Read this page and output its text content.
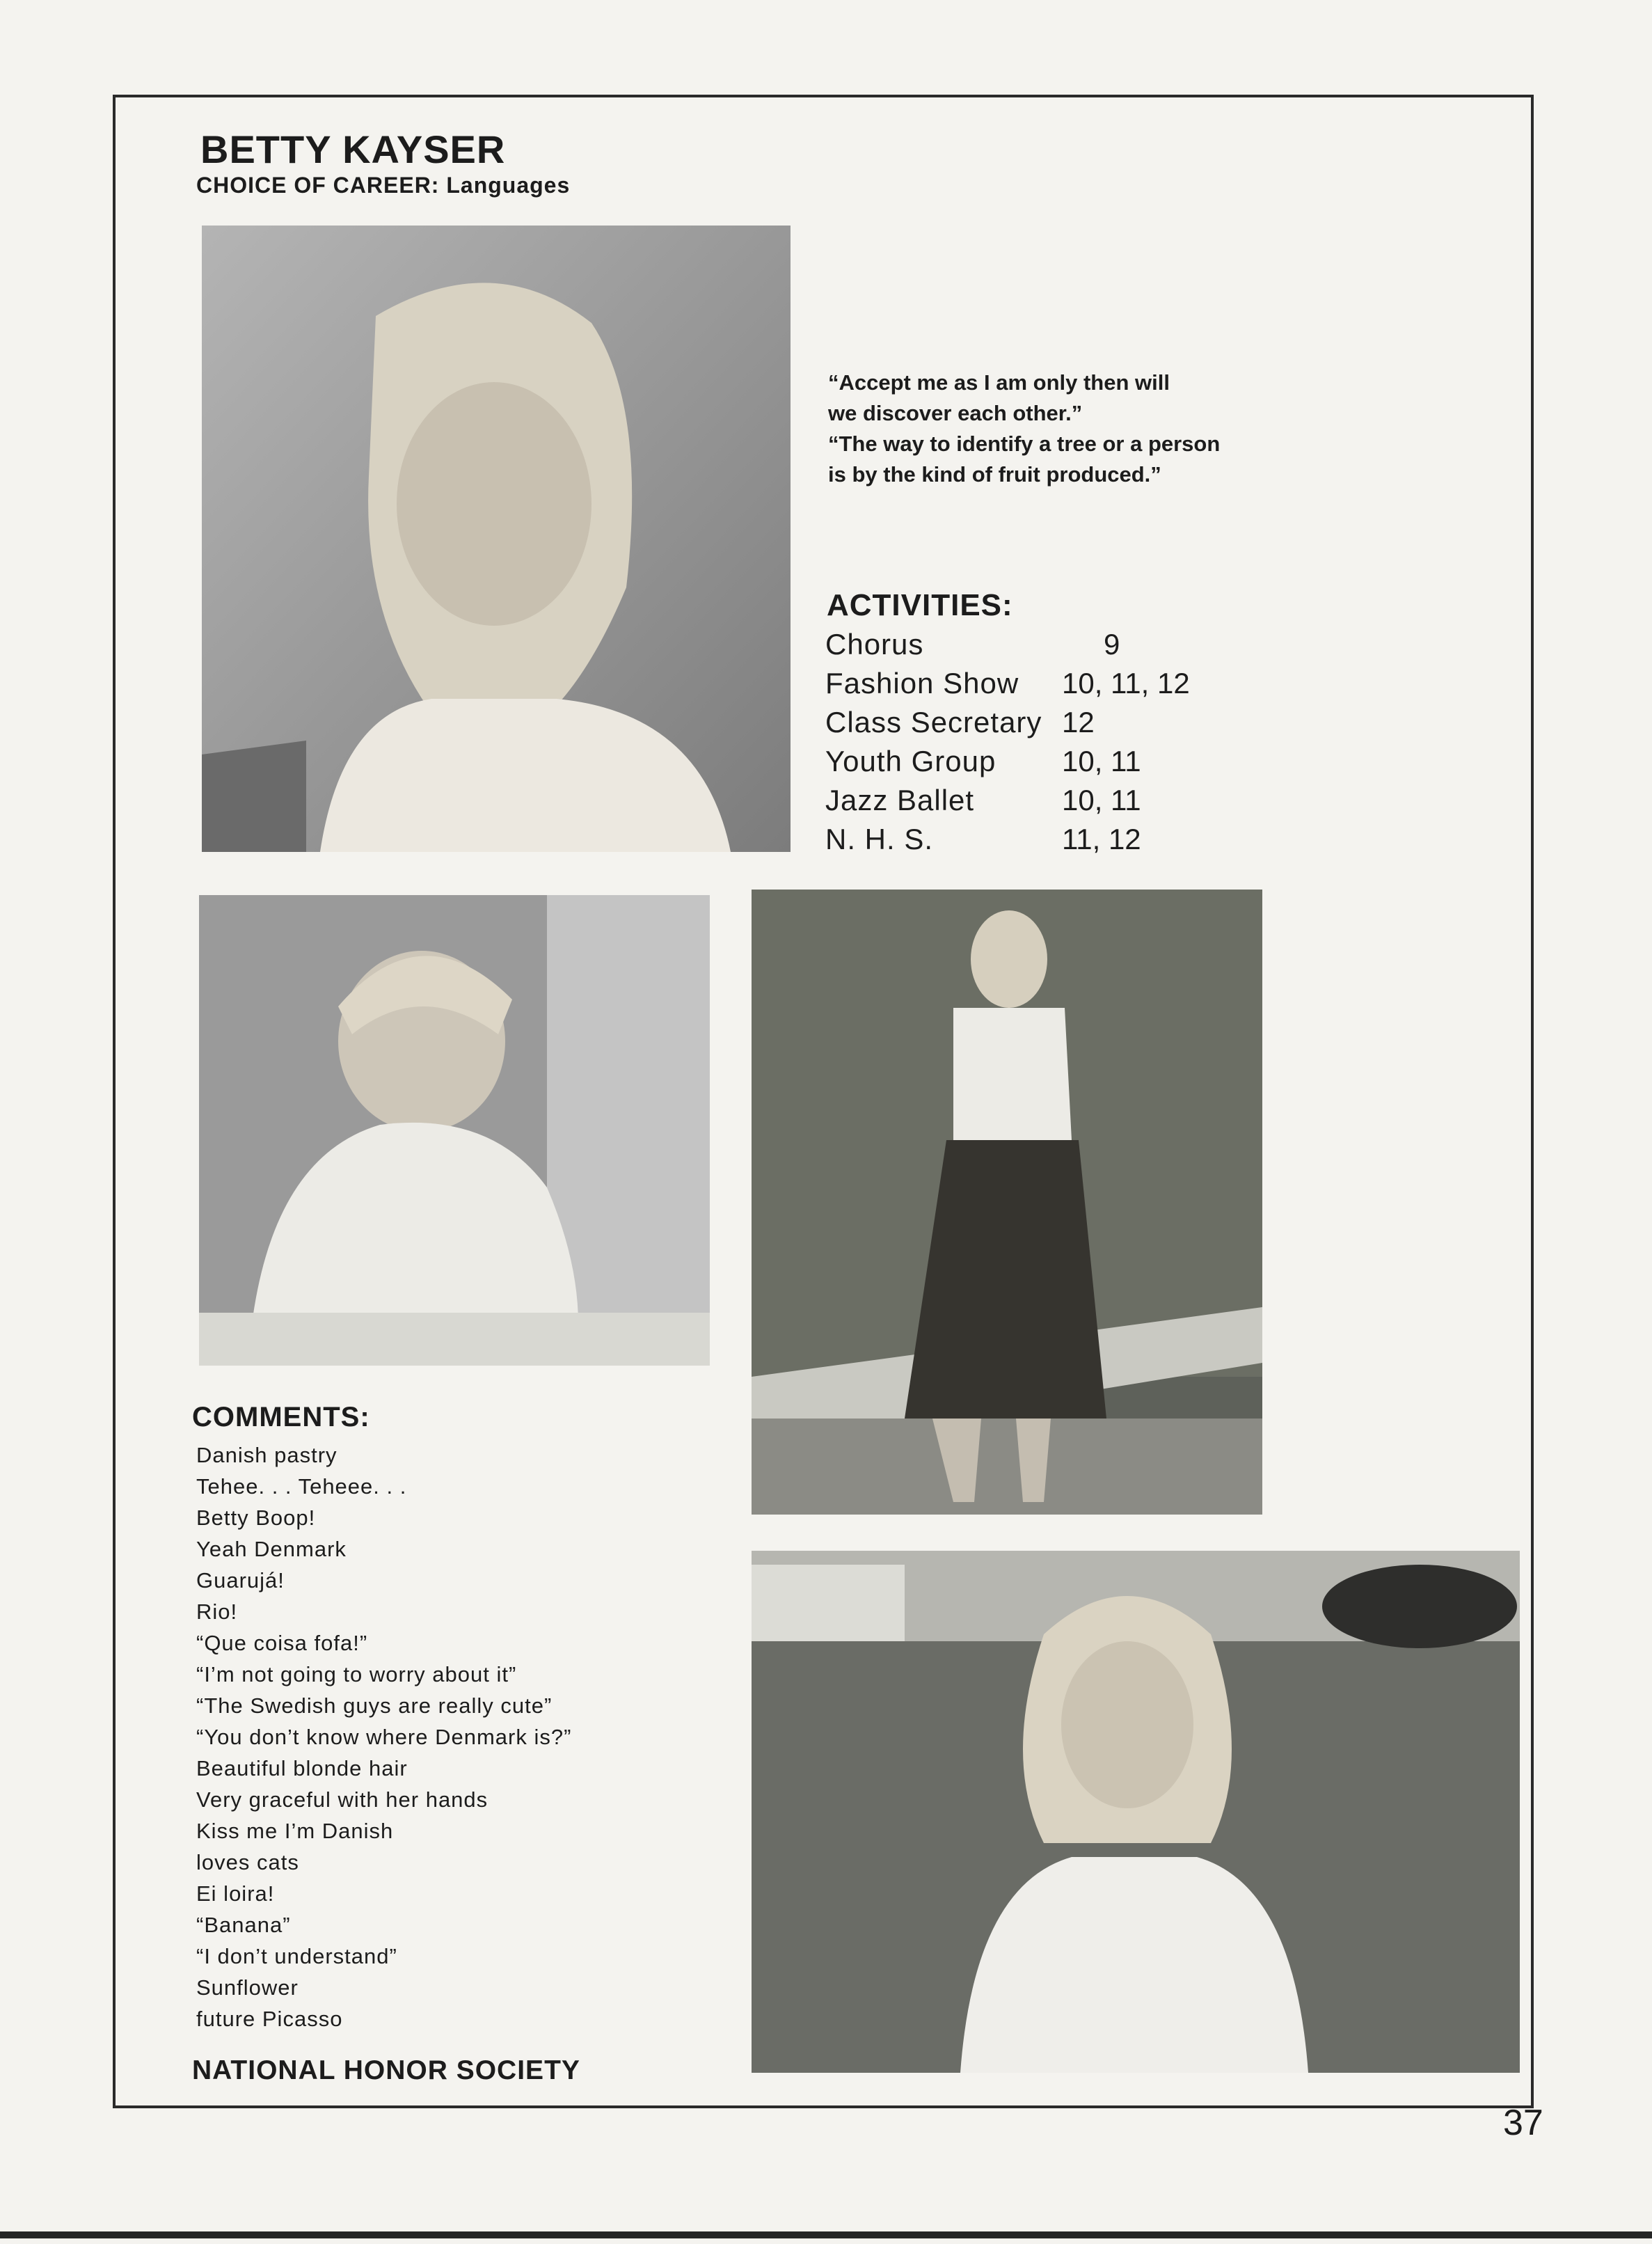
BETTY KAYSER
CHOICE OF CAREER: Languages
“Accept me as I am only then will
we discover each other.”
“The way to identify a tree or a person
is by the kind of fruit produced.”
ACTIVITIES:
Chorus	9
Fashion Show	10, 11, 12
Class Secretary 12
Youth Group	10, 11
Jazz Ballet	10, 11
N. H. S.	11, 12
COMMENTS:
Danish pastry
Tehee. . . Teheee. . .
Betty Boop!
Yeah Denmark
Guarujá!
Rio!
“Que coisa fofa!”
“I’m not going to worry about it”
“The Swedish guys are really cute”
“You don’t know where Denmark is?”
Beautiful blonde hair
Very graceful with her hands
Kiss me I’m Danish
loves cats
Ei loira!
“Banana”
“I don’t understand”
Sunflower
future Picasso
NATIONAL HONOR SOCIETY
37
